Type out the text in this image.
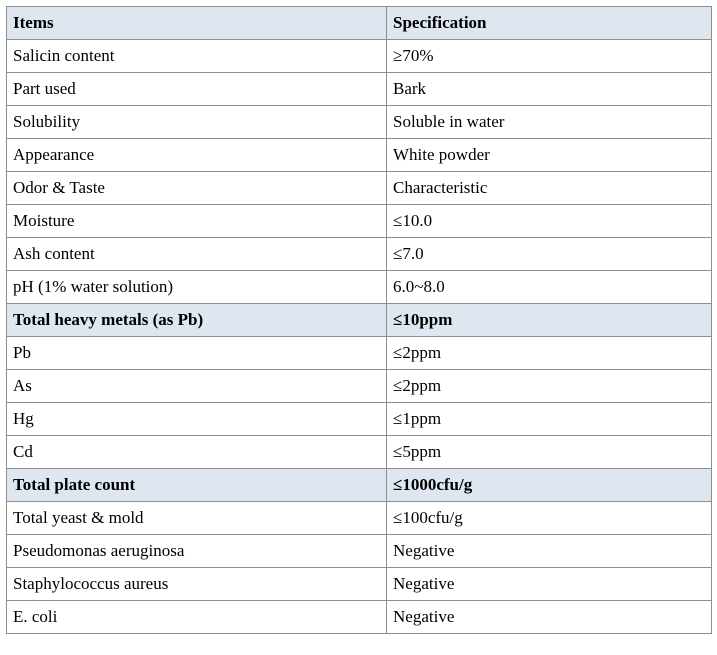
Items	Specification
Salicin content	≥70%
Part used	Bark
Solubility	Soluble in water
Appearance	White powder
Odor & Taste	Characteristic
Moisture	≤10.0
Ash content	≤7.0
pH (1% water solution)	6.0~8.0
Total heavy metals (as Pb)	≤10ppm
Pb	≤2ppm
As	≤2ppm
Hg	≤1ppm
Cd	≤5ppm
Total plate count	≤1000cfu/g
Total yeast & mold	≤100cfu/g
Pseudomonas aeruginosa	Negative
Staphylococcus aureus	Negative
E. coli	Negative
